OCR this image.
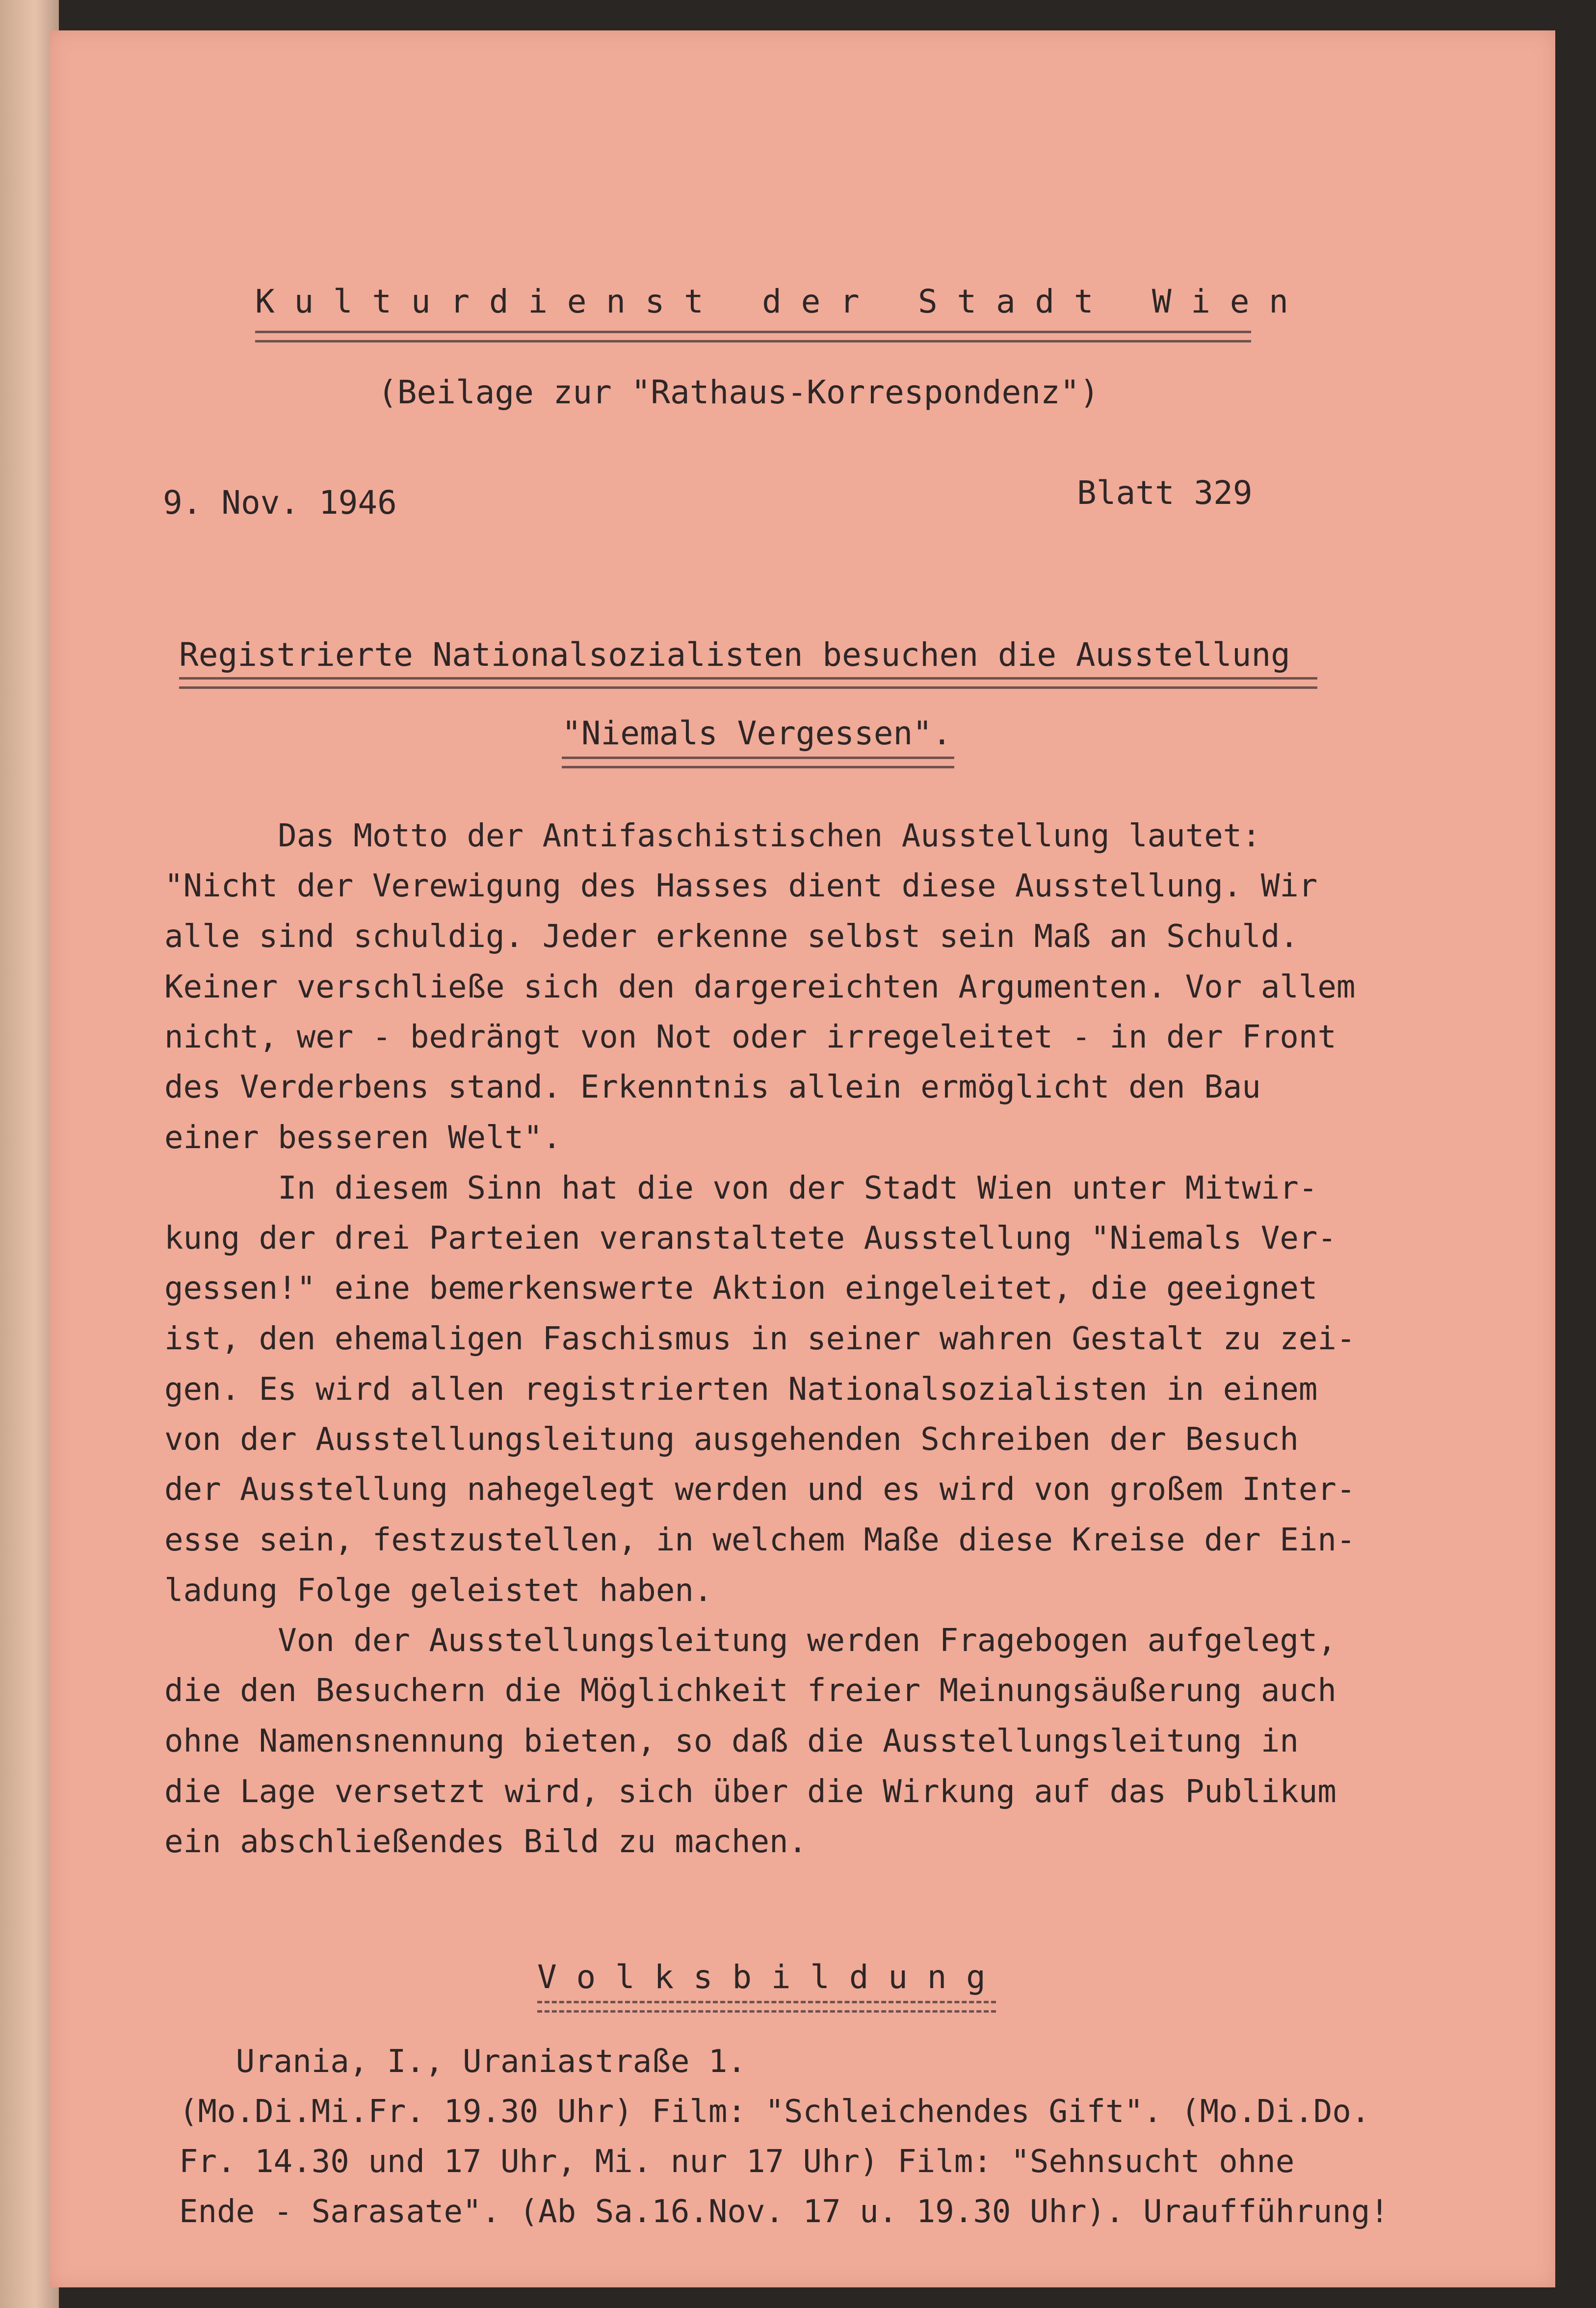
K u l t u r d i e n s t   d e r   S t a d t   W i e n
(Beilage zur "Rathaus-Korrespondenz")
9. Nov. 1946	Blatt 329
Registrierte Nationalsozialisten besuchen die Ausstellung
"Niemals Vergessen".
Das Motto der Antifaschistischen Ausstellung lautet:
"Nicht der Verewigung des Hasses dient diese Ausstellung. Wir
alle sind schuldig. Jeder erkenne selbst sein Maß an Schuld.
Keiner verschließe sich den dargereichten Argumenten. Vor allem
nicht, wer - bedrängt von Not oder irregeleitet - in der Front
des Verderbens stand. Erkenntnis allein ermöglicht den Bau
einer besseren Welt".
In diesem Sinn hat die von der Stadt Wien unter Mitwir-
kung der drei Parteien veranstaltete Ausstellung "Niemals Ver-
gessen!" eine bemerkenswerte Aktion eingeleitet, die geeignet
ist, den ehemaligen Faschismus in seiner wahren Gestalt zu zei-
gen. Es wird allen registrierten Nationalsozialisten in einem
von der Ausstellungsleitung ausgehenden Schreiben der Besuch
der Ausstellung nahegelegt werden und es wird von großem Inter-
esse sein, festzustellen, in welchem Maße diese Kreise der Ein-
ladung Folge geleistet haben.
Von der Ausstellungsleitung werden Fragebogen aufgelegt,
die den Besuchern die Möglichkeit freier Meinungsäußerung auch
ohne Namensnennung bieten, so daß die Ausstellungsleitung in
die Lage versetzt wird, sich über die Wirkung auf das Publikum
ein abschließendes Bild zu machen.
V o l k s b i l d u n g
Urania, I., Uraniastraße 1.
(Mo.Di.Mi.Fr. 19.30 Uhr) Film: "Schleichendes Gift". (Mo.Di.Do.
Fr. 14.30 und 17 Uhr, Mi. nur 17 Uhr) Film: "Sehnsucht ohne
Ende - Sarasate". (Ab Sa.16.Nov. 17 u. 19.30 Uhr). Uraufführung!
